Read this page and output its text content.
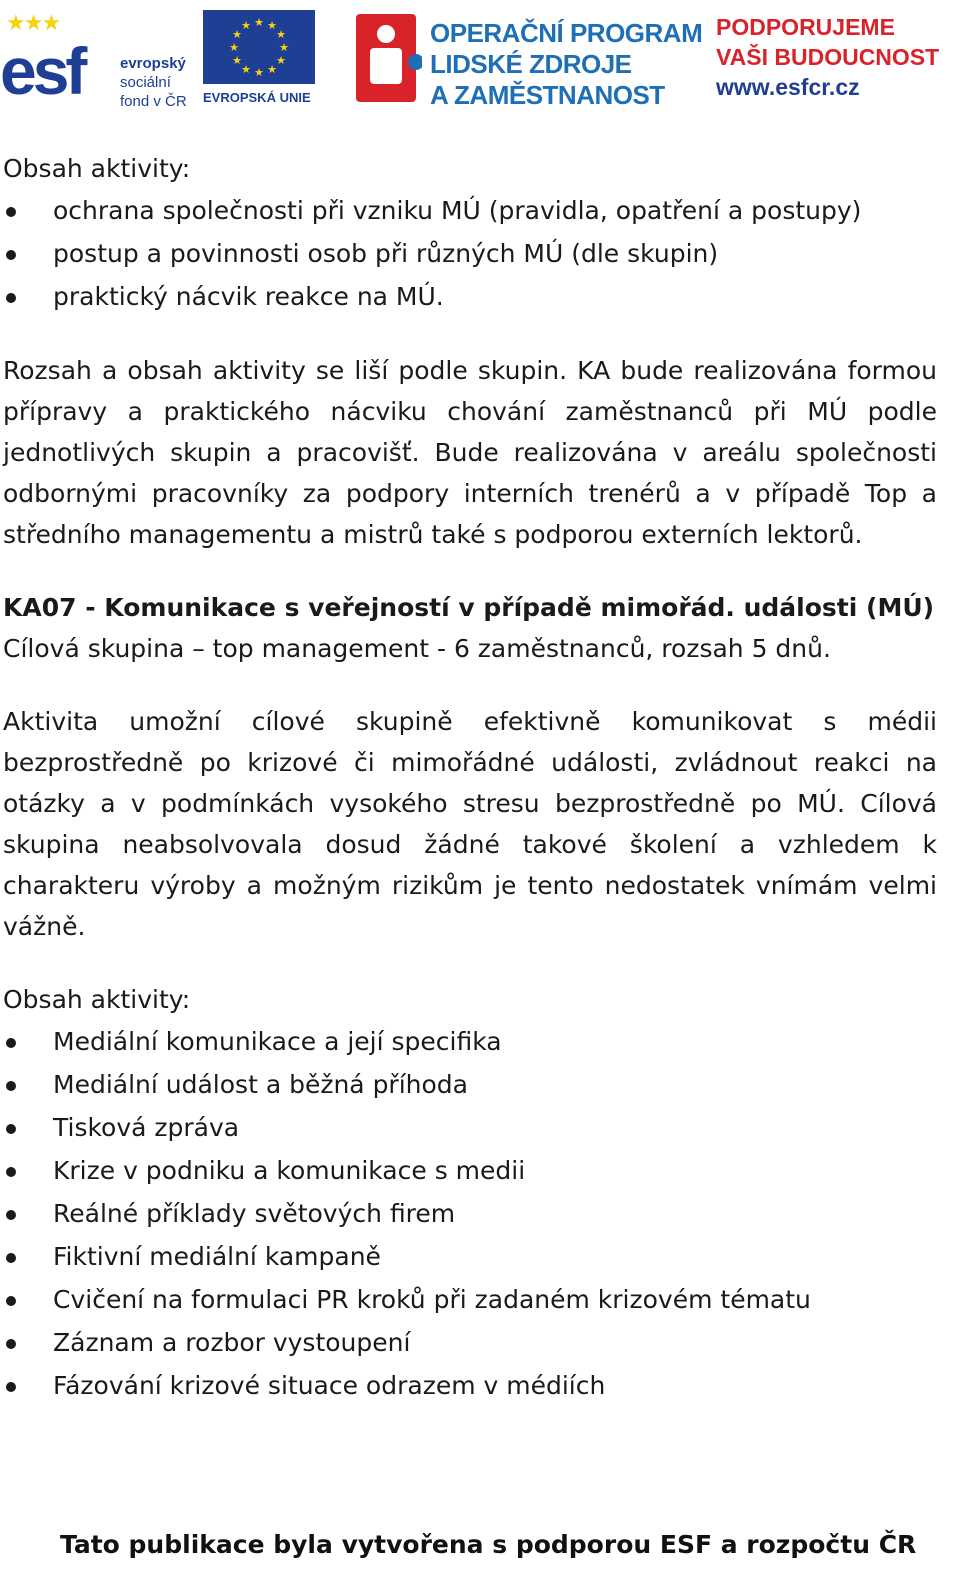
★★★
esf evropský
sociální
fond v ČR
★ ★
★
★
★
★
★
★
★
★
★
★
EVROPSKÁ UNIE
OPERAČNÍ PROGRAM
LIDSKÉ ZDROJE
A ZAMĚSTNANOST
PODPORUJEME
VAŠI BUDOUCNOST
www.esfcr.cz

Obsah aktivity:

ochrana společnosti při vzniku MÚ (pravidla, opatření a postupy)
postup a povinnosti osob při různých MÚ (dle skupin)
praktický nácvik reakce na MÚ.

Rozsah a obsah aktivity se liší podle skupin. KA bude realizována formou přípravy a praktického nácviku chování zaměstnanců při MÚ podle jednotlivých skupin a pracovišť. Bude realizována v areálu společnosti odbornými pracovníky za podpory interních trenérů a v případě Top a středního managementu a mistrů také s podporou externích lektorů.

KA07 - Komunikace s veřejností v případě mimořád. události (MÚ)

Cílová skupina – top management - 6 zaměstnanců, rozsah 5 dnů.

Aktivita umožní cílové skupině efektivně komunikovat s médii bezprostředně po krizové či mimořádné události, zvládnout reakci na otázky a v podmínkách vysokého stresu bezprostředně po MÚ. Cílová skupina neabsolvovala dosud žádné takové školení a vzhledem k charakteru výroby a možným rizikům je tento nedostatek vnímám velmi vážně.

Obsah aktivity:

Mediální komunikace a její specifika
Mediální událost a běžná příhoda
Tisková zpráva
Krize v podniku a komunikace s medii
Reálné příklady světových firem
Fiktivní mediální kampaně
Cvičení na formulaci PR kroků při zadaném krizovém tématu
Záznam a rozbor vystoupení
Fázování krizové situace odrazem v médiích
Tato publikace byla vytvořena s podporou ESF a rozpočtu ČR
